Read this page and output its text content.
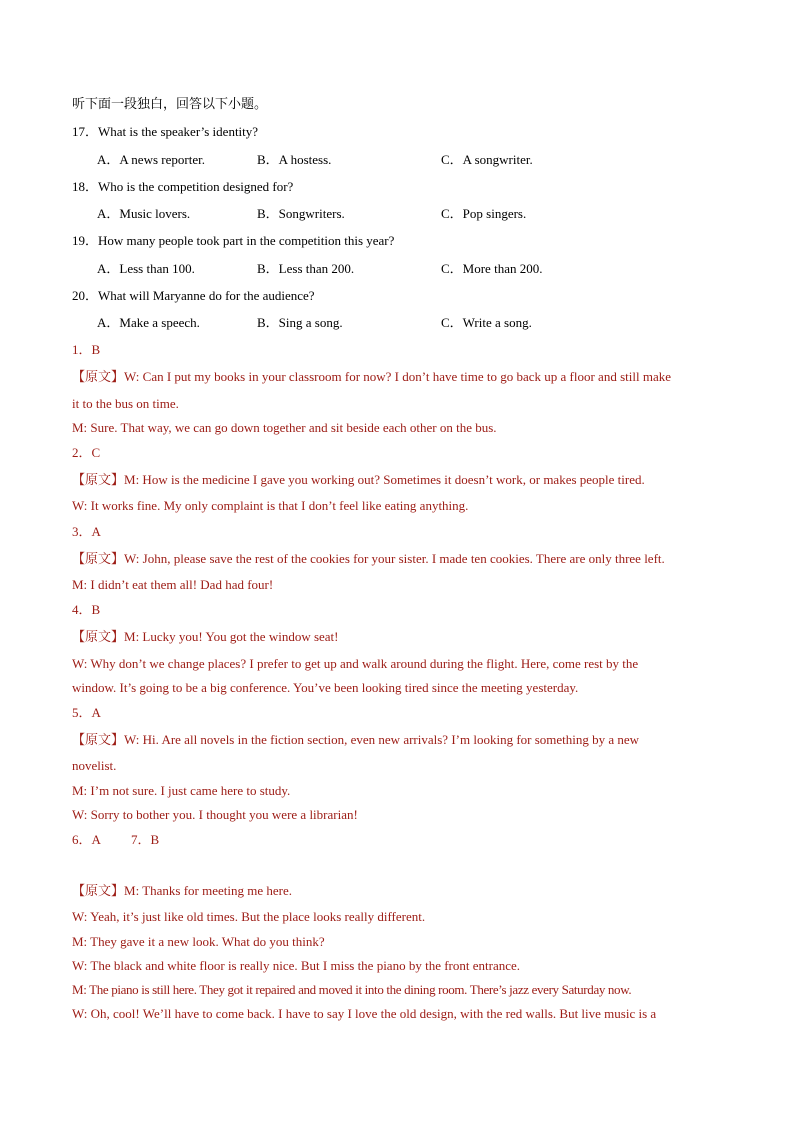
听下面一段独白，回答以下小题。
17．What is the speaker’s identity?
A．A news reporter.	B．A hostess.	C．A songwriter.
18．Who is the competition designed for?
A．Music lovers.	B．Songwriters.	C．Pop singers.
19．How many people took part in the competition this year?
A．Less than 100.	B．Less than 200.	C．More than 200.
20．What will Maryanne do for the audience?
A．Make a speech.	B．Sing a song.	C．Write a song.
1．B
【原文】W: Can I put my books in your classroom for now? I don’t have time to go back up a floor and still make
it to the bus on time.
M: Sure. That way, we can go down together and sit beside each other on the bus.
2．C
【原文】M: How is the medicine I gave you working out? Sometimes it doesn’t work, or makes people tired.
W: It works fine. My only complaint is that I don’t feel like eating anything.
3．A
【原文】W: John, please save the rest of the cookies for your sister. I made ten cookies. There are only three left.
M: I didn’t eat them all! Dad had four!
4．B
【原文】M: Lucky you! You got the window seat!
W: Why don’t we change places? I prefer to get up and walk around during the flight. Here, come rest by the
window. It’s going to be a big conference. You’ve been looking tired since the meeting yesterday.
5．A
【原文】W: Hi. Are all novels in the fiction section, even new arrivals? I’m looking for something by a new
novelist.
M: I’m not sure. I just came here to study.
W: Sorry to bother you. I thought you were a librarian!
6．A 7．B
【原文】M: Thanks for meeting me here.
W: Yeah, it’s just like old times. But the place looks really different.
M: They gave it a new look. What do you think?
W: The black and white floor is really nice. But I miss the piano by the front entrance.
M: The piano is still here. They got it repaired and moved it into the dining room. There’s jazz every Saturday now.
W: Oh, cool! We’ll have to come back. I have to say I love the old design, with the red walls. But live music is a
